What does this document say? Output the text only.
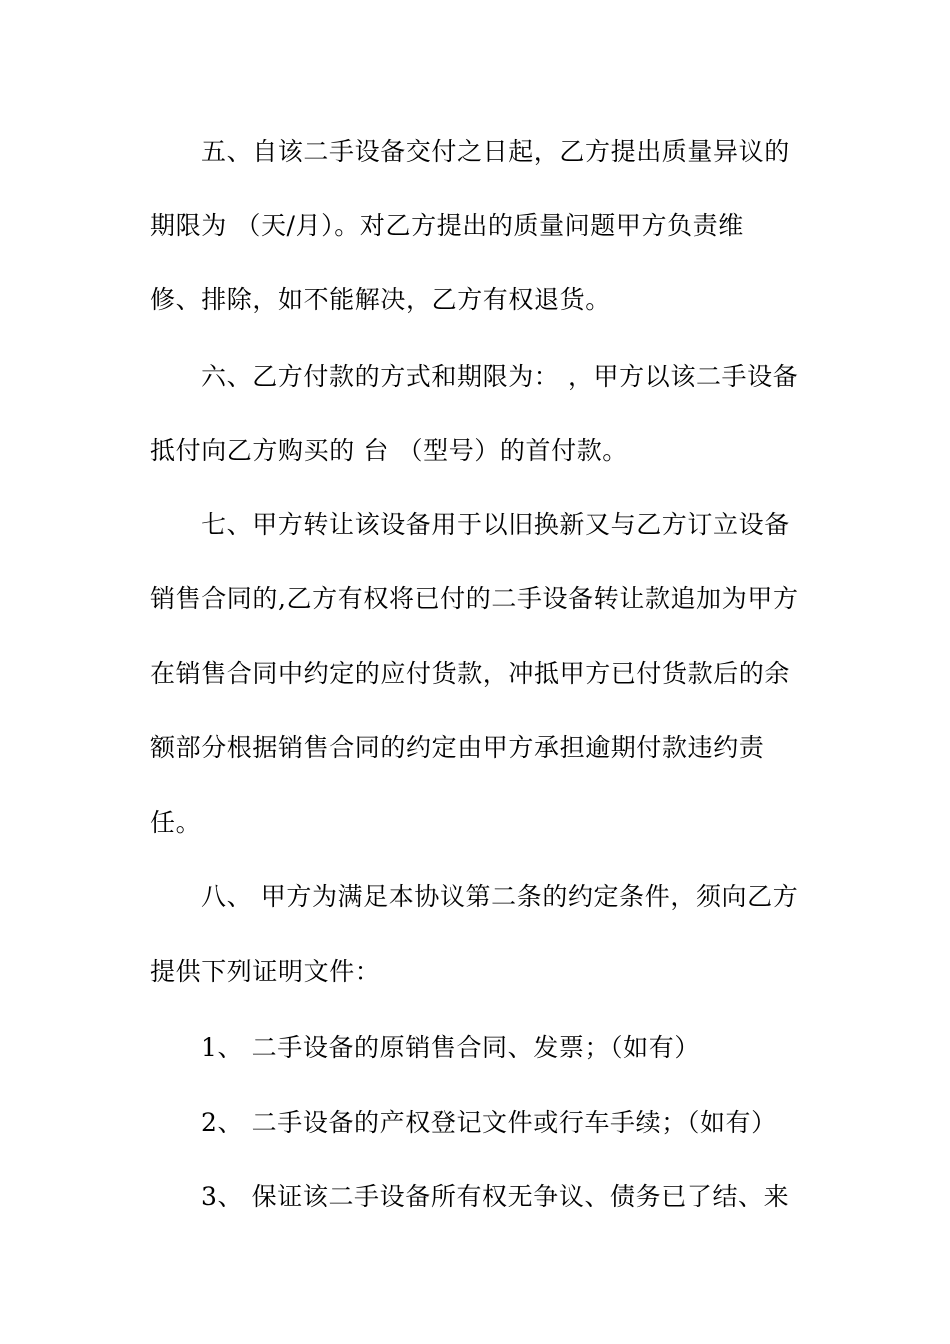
五、自该二手设备交付之日起，乙方提出质量异议的
期限为 （天/月）。对乙方提出的质量问题甲方负责维
修、排除，如不能解决，乙方有权退货。
六、乙方付款的方式和期限为： ，甲方以该二手设备
抵付向乙方购买的 台 （型号）的首付款。
七、甲方转让该设备用于以旧换新又与乙方订立设备
销售合同的,乙方有权将已付的二手设备转让款追加为甲方
在销售合同中约定的应付货款，冲抵甲方已付货款后的余
额部分根据销售合同的约定由甲方承担逾期付款违约责
任。
八、 甲方为满足本协议第二条的约定条件，须向乙方
提供下列证明文件：
1、 二手设备的原销售合同、发票；（如有）
2、 二手设备的产权登记文件或行车手续；（如有）
3、 保证该二手设备所有权无争议、债务已了结、来
